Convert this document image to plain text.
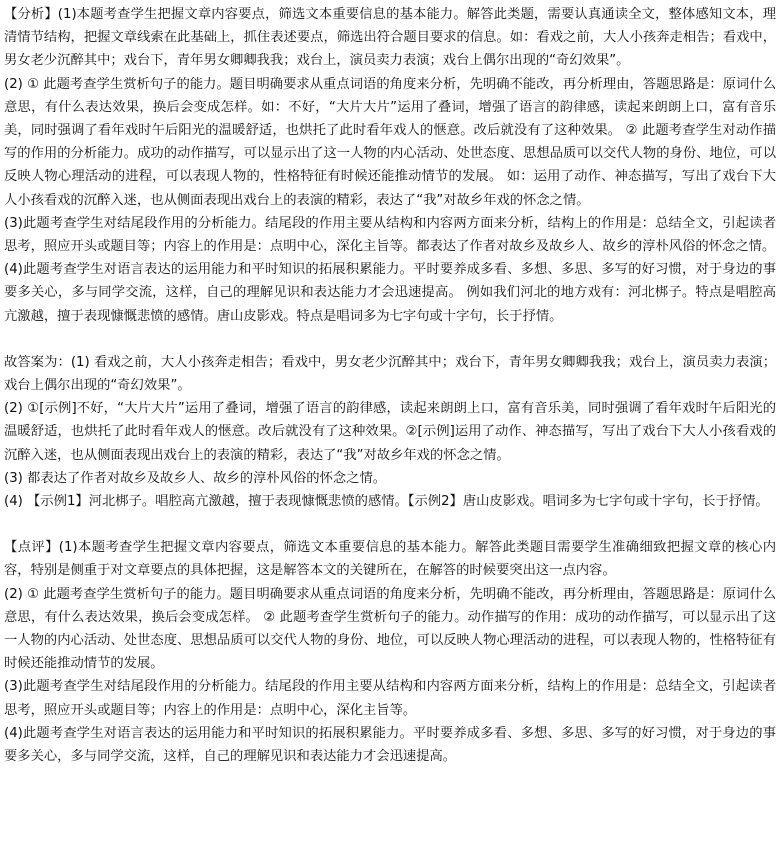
【分析】(1)本题考查学生把握文章内容要点，筛选文本重要信息的基本能力。解答此类题，需要认真通读全文，整体感知文本，理清情节结构，把握文章线索在此基础上，抓住表述要点，筛选出符合题目要求的信息。如：看戏之前，大人小孩奔走相告；看戏中，男女老少沉醉其中；戏台下，青年男女卿卿我我；戏台上，演员卖力表演；戏台上偶尔出现的“奇幻效果”。

(2) ① 此题考查学生赏析句子的能力。题目明确要求从重点词语的角度来分析，先明确不能改，再分析理由，答题思路是：原词什么意思，有什么表达效果，换后会变成怎样。如：不好，“大片大片”运用了叠词，增强了语言的韵律感，读起来朗朗上口，富有音乐美，同时强调了看年戏时午后阳光的温暖舒适，也烘托了此时看年戏人的惬意。改后就没有了这种效果。 ② 此题考查学生对动作描写的作用的分析能力。成功的动作描写，可以显示出了这一人物的内心活动、处世态度、思想品质可以交代人物的身份、地位，可以反映人物心理活动的进程，可以表现人物的，性格特征有时候还能推动情节的发展。 如：运用了动作、神态描写，写出了戏台下大人小孩看戏的沉醉入迷，也从侧面表现出戏台上的表演的精彩，表达了“我”对故乡年戏的怀念之情。

(3)此题考查学生对结尾段作用的分析能力。结尾段的作用主要从结构和内容两方面来分析，结构上的作用是：总结全文，引起读者思考，照应开头或题目等；内容上的作用是：点明中心，深化主旨等。都表达了作者对故乡及故乡人、故乡的淳朴风俗的怀念之情。

(4)此题考查学生对语言表达的运用能力和平时知识的拓展积累能力。平时要养成多看、多想、多思、多写的好习惯，对于身边的事要多关心，多与同学交流，这样，自己的理解见识和表达能力才会迅速提高。 例如我们河北的地方戏有：河北梆子。特点是唱腔高亢激越，擅于表现慷慨悲愤的感情。唐山皮影戏。特点是唱词多为七字句或十字句，长于抒情。

故答案为：(1) 看戏之前，大人小孩奔走相告；看戏中，男女老少沉醉其中；戏台下，青年男女卿卿我我；戏台上，演员卖力表演；戏台上偶尔出现的“奇幻效果”。

(2) ①[示例]不好，“大片大片”运用了叠词，增强了语言的韵律感，读起来朗朗上口，富有音乐美，同时强调了看年戏时午后阳光的温暖舒适，也烘托了此时看年戏人的惬意。改后就没有了这种效果。②[示例]运用了动作、神态描写，写出了戏台下大人小孩看戏的沉醉入迷，也从侧面表现出戏台上的表演的精彩，表达了“我”对故乡年戏的怀念之情。

(3) 都表达了作者对故乡及故乡人、故乡的淳朴风俗的怀念之情。

(4) 【示例1】河北梆子。唱腔高亢激越，擅于表现慷慨悲愤的感情。【示例2】唐山皮影戏。唱词多为七字句或十字句，长于抒情。

【点评】(1)本题考查学生把握文章内容要点，筛选文本重要信息的基本能力。解答此类题目需要学生准确细致把握文章的核心内容，特别是侧重于对文章要点的具体把握，这是解答本文的关键所在，在解答的时候要突出这一点内容。

(2) ① 此题考查学生赏析句子的能力。题目明确要求从重点词语的角度来分析，先明确不能改，再分析理由，答题思路是：原词什么意思，有什么表达效果，换后会变成怎样。 ② 此题考查学生赏析句子的能力。动作描写的作用：成功的动作描写，可以显示出了这一人物的内心活动、处世态度、思想品质可以交代人物的身份、地位，可以反映人物心理活动的进程，可以表现人物的，性格特征有时候还能推动情节的发展。

(3)此题考查学生对结尾段作用的分析能力。结尾段的作用主要从结构和内容两方面来分析，结构上的作用是：总结全文，引起读者思考，照应开头或题目等；内容上的作用是：点明中心，深化主旨等。

(4)此题考查学生对语言表达的运用能力和平时知识的拓展积累能力。平时要养成多看、多想、多思、多写的好习惯，对于身边的事要多关心，多与同学交流，这样，自己的理解见识和表达能力才会迅速提高。
